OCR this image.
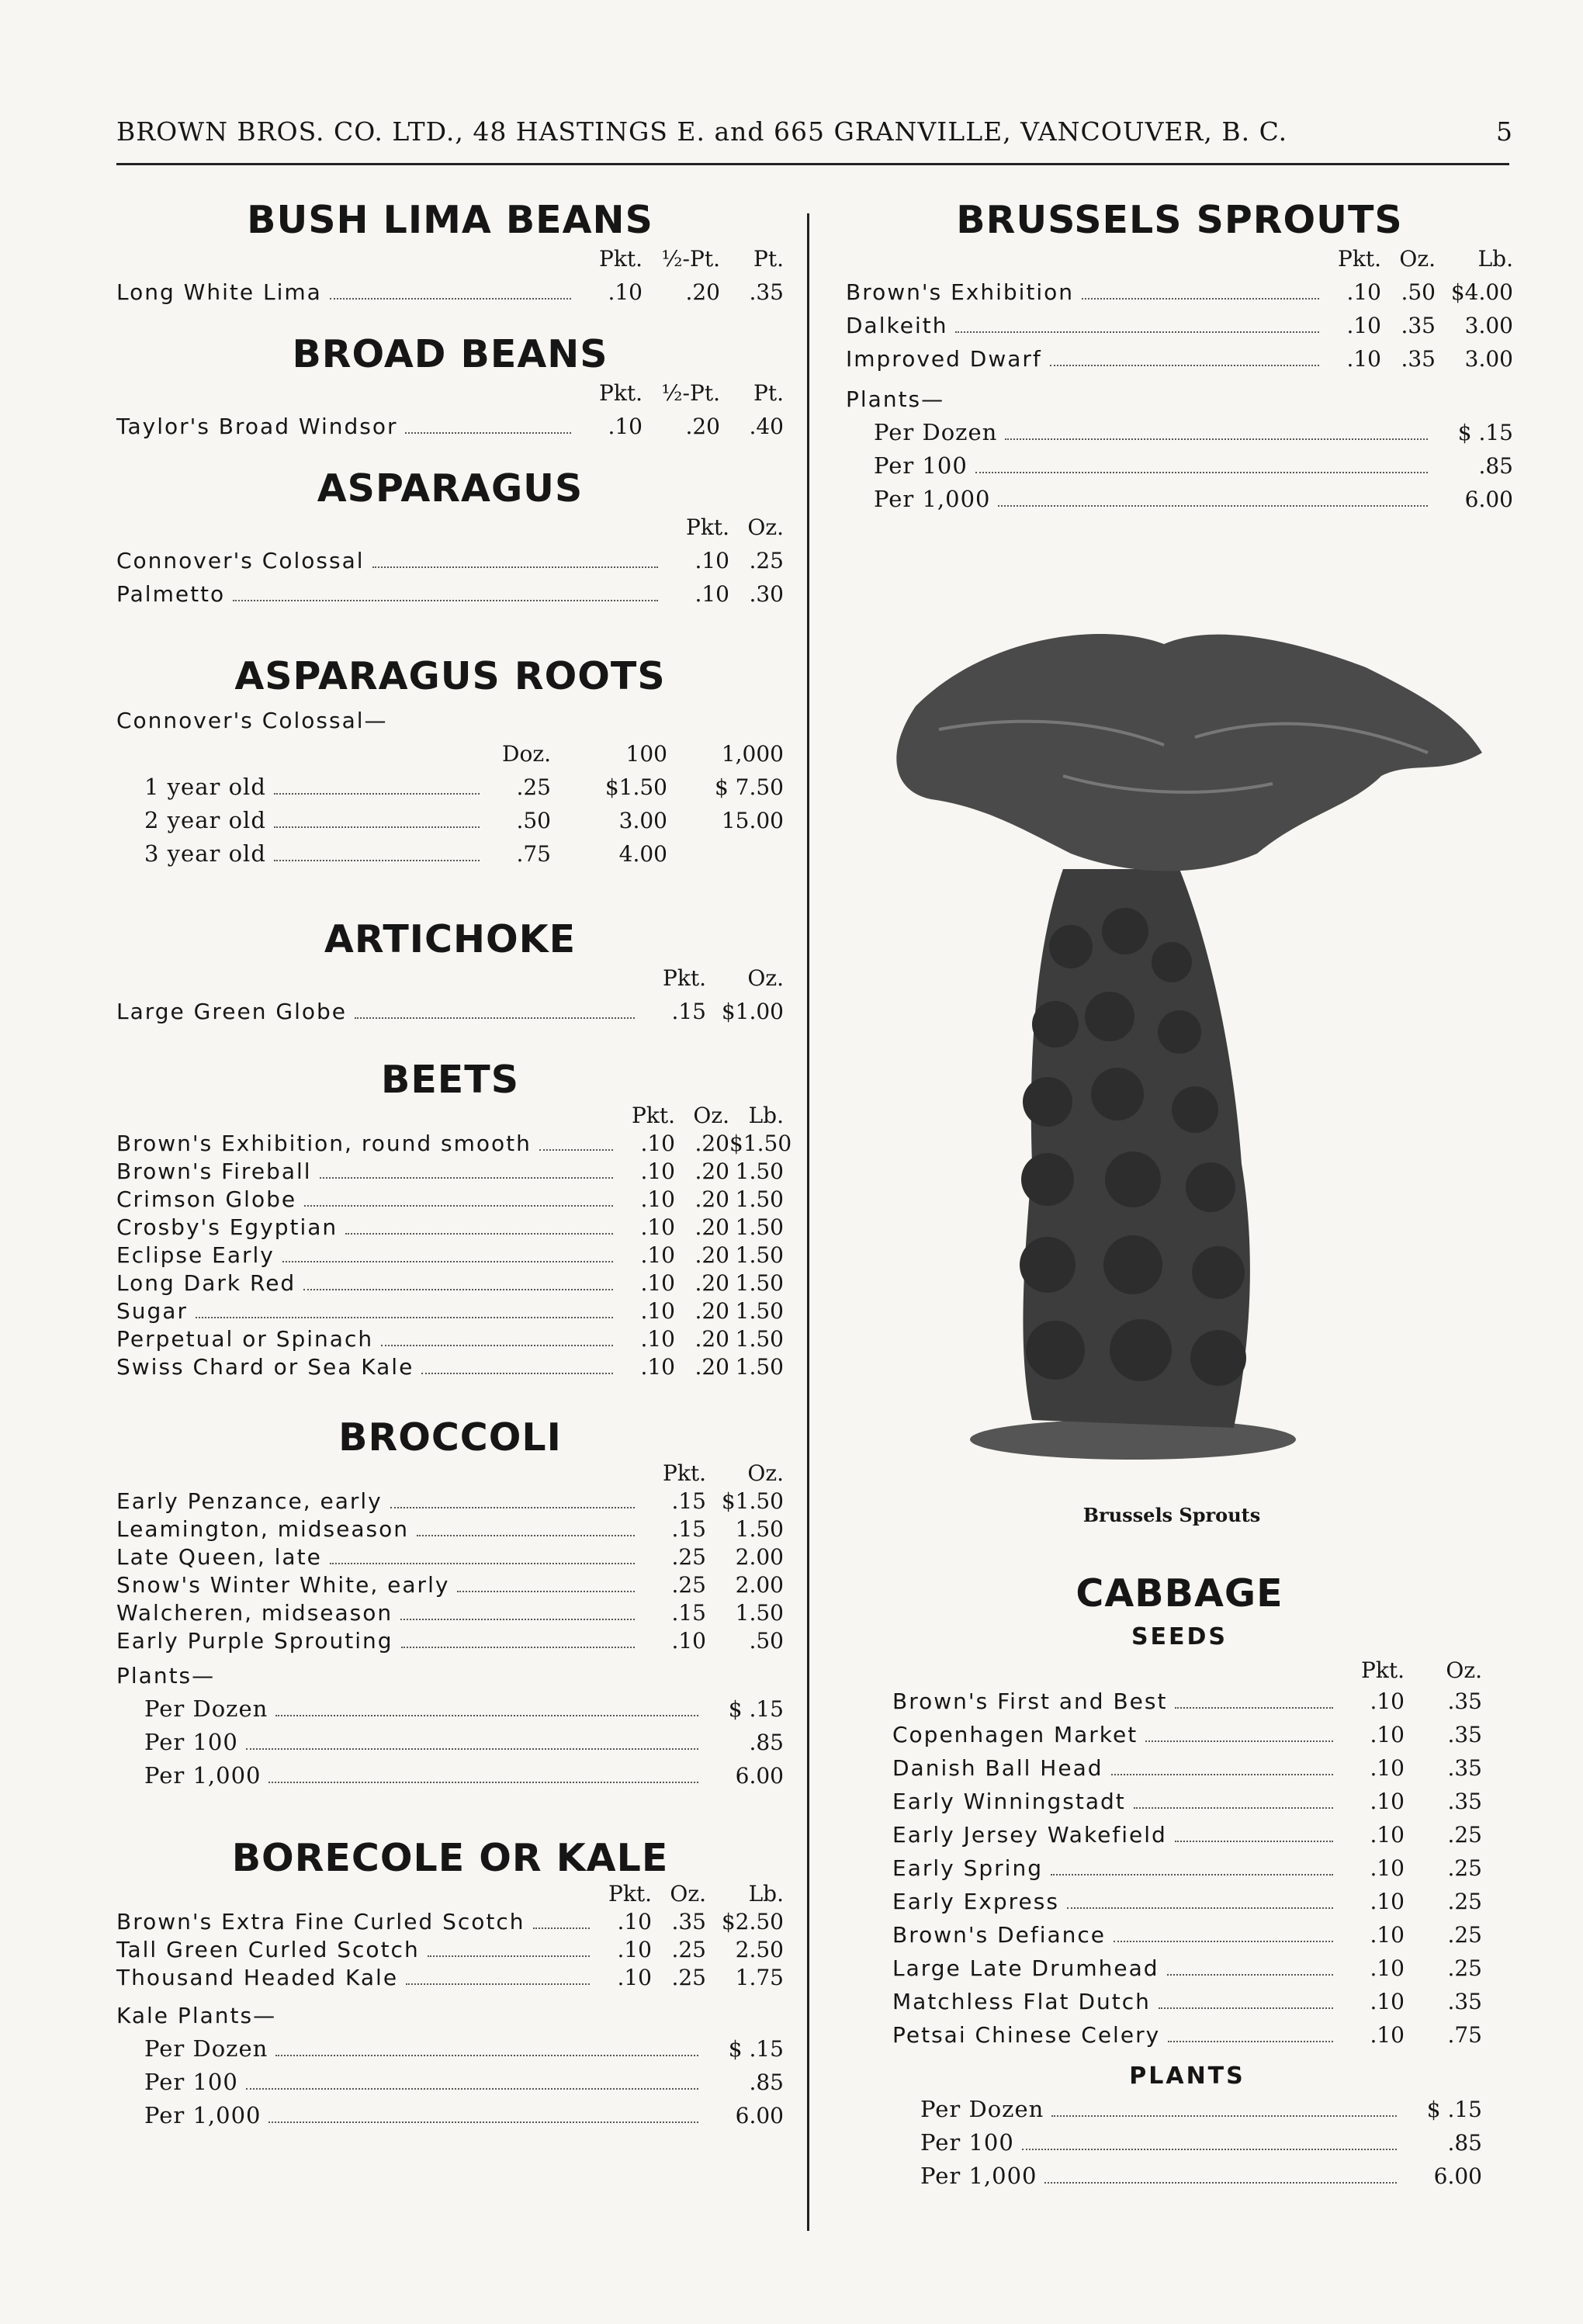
BROWN BROS. CO. LTD., 48 HASTINGS E. and 665 GRANVILLE, VANCOUVER, B. C.	5
BUSH LIMA BEANS
Pkt. ½-Pt.	Pt.
Long White Lima	.10	.20	.35
BROAD BEANS
Pkt. ½-Pt.	Pt.
Taylor's Broad Windsor	.10	.20	.40
ASPARAGUS
Pkt. Oz.
Connover's Colossal	.10 .25
Palmetto	.10 .30
ASPARAGUS ROOTS
Connover's Colossal—
Doz.	100	1,000
1 year old	.25	$1.50	$ 7.50
2 year old	.50	3.00	15.00
3 year old	.75	4.00
ARTICHOKE
Pkt.	Oz.
Large Green Globe	.15 $1.00
BEETS
Pkt. Oz. Lb.
Brown's Exhibition, round smooth	.10 .20 $1.50
Brown's Fireball	.10 .20 1.50
Crimson Globe	.10 .20 1.50
Crosby's Egyptian	.10 .20 1.50
Eclipse Early	.10 .20 1.50
Long Dark Red	.10 .20 1.50
Sugar	.10 .20 1.50
Perpetual or Spinach	.10 .20 1.50
Swiss Chard or Sea Kale	.10 .20 1.50
BROCCOLI
Pkt.	Oz.
Early Penzance, early	.15 $1.50
Leamington, midseason	.15	1.50
Late Queen, late	.25	2.00
Snow's Winter White, early	.25	2.00
Walcheren, midseason	.15	1.50
Early Purple Sprouting	.10	.50
Plants—
Per Dozen	$ .15
Per 100	.85
Per 1,000	6.00
BORECOLE OR KALE
Pkt. Oz.	Lb.
Brown's Extra Fine Curled Scotch	.10 .35 $2.50
Tall Green Curled Scotch	.10 .25	2.50
Thousand Headed Kale	.10 .25	1.75
Kale Plants—
Per Dozen	$ .15
Per 100	.85
Per 1,000	6.00
BRUSSELS SPROUTS
Pkt. Oz.	Lb.
Brown's Exhibition	.10 .50 $4.00
Dalkeith	.10 .35	3.00
Improved Dwarf	.10 .35	3.00
Plants—
Per Dozen	$ .15
Per 100	.85
Per 1,000	6.00
Brussels Sprouts
CABBAGE
SEEDS
Pkt.	Oz.
Brown's First and Best	.10	.35
Copenhagen Market	.10	.35
Danish Ball Head	.10	.35
Early Winningstadt	.10	.35
Early Jersey Wakefield	.10	.25
Early Spring	.10	.25
Early Express	.10	.25
Brown's Defiance	.10	.25
Large Late Drumhead	.10	.25
Matchless Flat Dutch	.10	.35
Petsai Chinese Celery	.10	.75
PLANTS
Per Dozen	$ .15
Per 100	.85
Per 1,000	6.00
